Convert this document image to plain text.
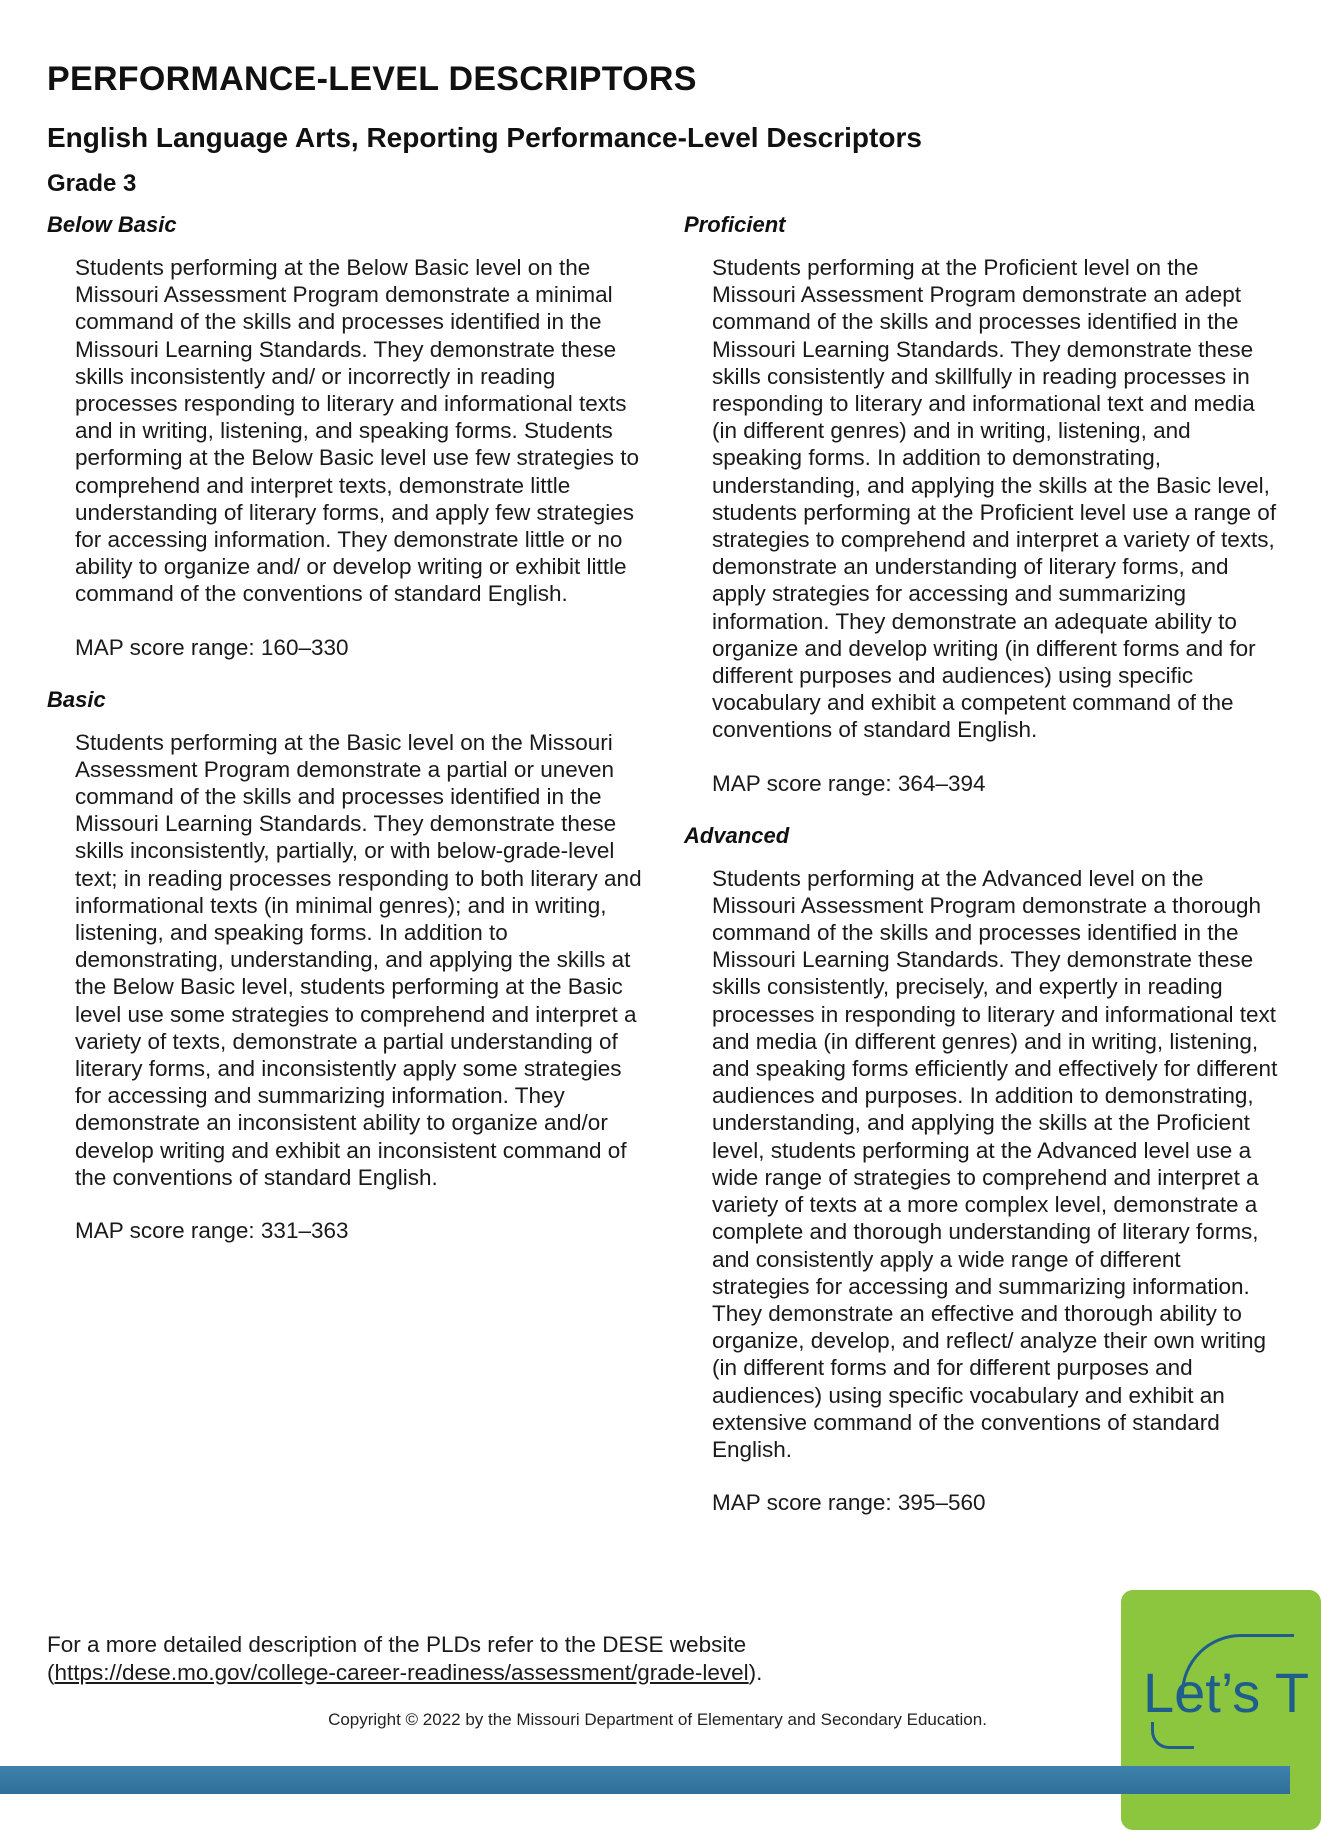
PERFORMANCE-LEVEL DESCRIPTORS
English Language Arts, Reporting Performance-Level Descriptors
Grade 3
Below Basic

Students performing at the Below Basic level on the Missouri Assessment Program demonstrate a minimal command of the skills and processes identified in the Missouri Learning Standards. They demonstrate these skills inconsistently and/ or incorrectly in reading processes responding to literary and informational texts and in writing, listening, and speaking forms. Students performing at the Below Basic level use few strategies to comprehend and interpret texts, demonstrate little understanding of literary forms, and apply few strategies for accessing information. They demonstrate little or no ability to organize and/ or develop writing or exhibit little command of the conventions of standard English.

MAP score range: 160–330

Basic

Students performing at the Basic level on the Missouri Assessment Program demonstrate a partial or uneven command of the skills and processes identified in the Missouri Learning Standards. They demonstrate these skills inconsistently, partially, or with below-grade-level text; in reading processes responding to both literary and informational texts (in minimal genres); and in writing, listening, and speaking forms. In addition to demonstrating, understanding, and applying the skills at the Below Basic level, students performing at the Basic level use some strategies to comprehend and interpret a variety of texts, demonstrate a partial understanding of literary forms, and inconsistently apply some strategies for accessing and summarizing information. They demonstrate an inconsistent ability to organize and/or develop writing and exhibit an inconsistent command of the conventions of standard English.

MAP score range: 331–363

Proficient

Students performing at the Proficient level on the Missouri Assessment Program demonstrate an adept command of the skills and processes identified in the Missouri Learning Standards. They demonstrate these skills consistently and skillfully in reading processes in responding to literary and informational text and media (in different genres) and in writing, listening, and speaking forms. In addition to demonstrating, understanding, and applying the skills at the Basic level, students performing at the Proficient level use a range of strategies to comprehend and interpret a variety of texts, demonstrate an understanding of literary forms, and apply strategies for accessing and summarizing information. They demonstrate an adequate ability to organize and develop writing (in different forms and for different purposes and audiences) using specific vocabulary and exhibit a competent command of the conventions of standard English.

MAP score range: 364–394

Advanced

Students performing at the Advanced level on the Missouri Assessment Program demonstrate a thorough command of the skills and processes identified in the Missouri Learning Standards. They demonstrate these skills consistently, precisely, and expertly in reading processes in responding to literary and informational text and media (in different genres) and in writing, listening, and speaking forms efficiently and effectively for different audiences and purposes. In addition to demonstrating, understanding, and applying the skills at the Proficient level, students performing at the Advanced level use a wide range of strategies to comprehend and interpret a variety of texts at a more complex level, demonstrate a complete and thorough understanding of literary forms, and consistently apply a wide range of different strategies for accessing and summarizing information. They demonstrate an effective and thorough ability to organize, develop, and reflect/ analyze their own writing (in different forms and for different purposes and audiences) using specific vocabulary and exhibit an extensive command of the conventions of standard English.

MAP score range: 395–560

For a more detailed description of the PLDs refer to the DESE website (https://dese.mo.gov/college-career-readiness/assessment/grade-level).
Copyright © 2022 by the Missouri Department of Elementary and Secondary Education.	Let’s T
